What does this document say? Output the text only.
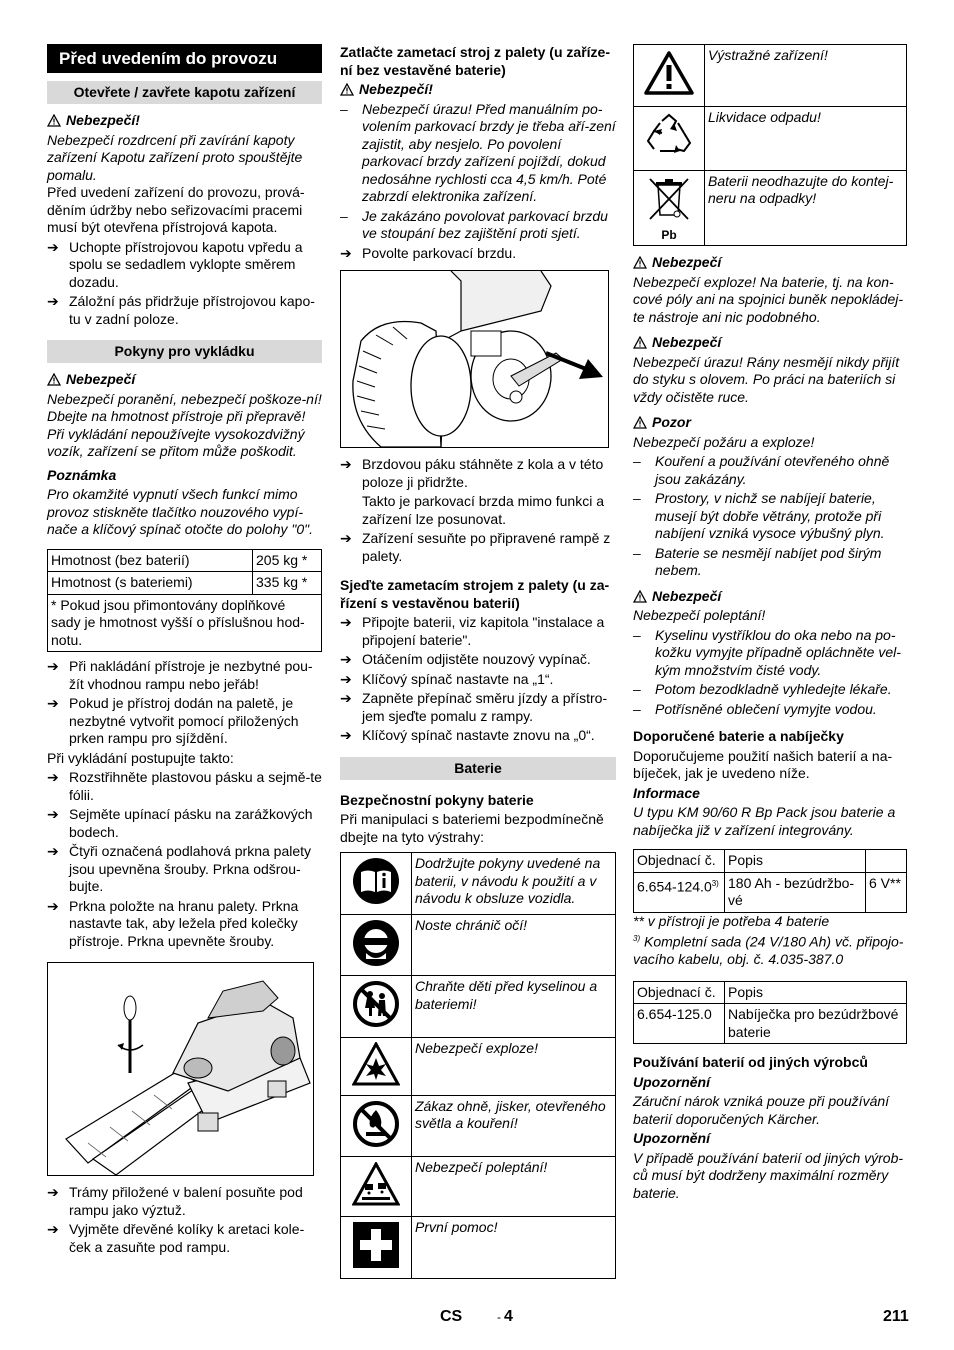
Před uvedením do provozu
Otevřete / zavřete kapotu zařízení
Nebezpečí!

Nebezpečí rozdrcení při zavírání kapoty zařízení Kapotu zařízení proto spouštějte pomalu.

Před uvedení zařízení do provozu, prová-děním údržby nebo seřizovacími pracemi musí být otevřena přístrojová kapota.

➔ Uchopte přístrojovou kapotu vpředu a spolu se sedadlem vyklopte směrem dozadu.
➔ Záložní pás přidržuje přístrojovou kapo-tu v zadní poloze.
Pokyny pro vykládku
Nebezpečí

Nebezpečí poranění, nebezpečí poškoze-ní!

Dbejte na hmotnost přístroje při přepravě! Při vykládání nepoužívejte vysokozdvižný vozík, zařízení se přitom může poškodit.

Poznámka

Pro okamžité vypnutí všech funkcí mimo provoz stiskněte tlačítko nouzového vypí-nače a klíčový spínač otočte do polohy "0".

Hmotnost (bez baterií)	205 kg *
Hmotnost (s bateriemi)	335 kg *
* Pokud jsou přimontovány doplňkové sady je hmotnost vyšší o příslušnou hod-notu.	
➔ Při nakládání přístroje je nezbytné pou-žít vhodnou rampu nebo jeřáb!
➔ Pokud je přístroj dodán na paletě, je nezbytné vytvořit pomocí přiložených prken rampu pro sjíždění.

Při vykládání postupujte takto:

➔ Rozstřihněte plastovou pásku a sejmě-te fólii.
➔ Sejměte upínací pásku na zarážkových bodech.
➔ Čtyři označená podlahová prkna palety jsou upevněna šrouby. Prkna odšrou-bujte.
➔ Prkna položte na hranu palety. Prkna nastavte tak, aby ležela před kolečky přístroje. Prkna upevněte šrouby.
➔ Trámy přiložené v balení posuňte pod rampu jako výztuž.
➔ Vyjměte dřevěné kolíky k aretaci kole-ček a zasuňte pod rampu.
Zatlačte zametací stroj z palety (u zaříze-ní bez vestavěné baterie)
Nebezpečí!
–	Nebezpečí úrazu! Před manuálním po-volením parkovací brzdy je třeba aří-zení zajistit, aby nesjelo. Po povolení parkovací brzdy zařízení pojíždí, dokud nedosáhne rychlosti cca 4,5 km/h. Poté zabrzdí elektronika zařízení.
–	Je zakázáno povolovat parkovací brzdu ve stoupání bez zajištění proti sjetí.
➔ Povolte parkovací brzdu.
➔ Brzdovou páku stáhněte z kola a v této poloze ji přidržte.

Takto je parkovací brzda mimo funkci a zařízení lze posunovat.

➔ Zařízení sesuňte po připravené rampě z palety.
Sjeďte zametacím strojem z palety (u za-řízení s vestavěnou baterií)
➔ Připojte baterii, viz kapitola "instalace a připojení baterie".
➔ Otáčením odjistěte nouzový vypínač.
➔ Klíčový spínač nastavte na „1“.
➔ Zapněte přepínač směru jízdy a přístro-jem sjeďte pomalu z rampy.
➔ Klíčový spínač nastavte znovu na „0“.
Baterie
Bezpečnostní pokyny baterie

Při manipulaci s bateriemi bezpodmínečně dbejte na tyto výstrahy:

	Dodržujte pokyny uvedené na baterii, v návodu k použití a v návodu k obsluze vozidla.
	Noste chránič očí!
	Chraňte děti před kyselinou a bateriemi!
	Nebezpečí exploze!
	Zákaz ohně, jisker, otevřeného světla a kouření!
	Nebezpečí poleptání!
	První pomoc!
	Výstražné zařízení!
	Likvidace odpadu!

Pb	Baterii neodhazujte do kontej-neru na odpadky!
Nebezpečí

Nebezpečí exploze! Na baterie, tj. na kon-cové póly ani na spojnici buněk nepokládej-te nástroje ani nic podobného.

Nebezpečí

Nebezpečí úrazu! Rány nesmějí nikdy přijít do styku s olovem. Po práci na bateriích si vždy očistěte ruce.

Pozor

Nebezpečí požáru a exploze!

–	Kouření a používání otevřeného ohně jsou zakázány.
–	Prostory, v nichž se nabíjejí baterie, musejí být dobře větrány, protože při nabíjení vzniká vysoce výbušný plyn.
–	Baterie se nesmějí nabíjet pod širým nebem.
Nebezpečí

Nebezpečí poleptání!

–	Kyselinu vystříklou do oka nebo na po-kožku vymyjte případně opláchněte vel-kým množstvím čisté vody.
–	Potom bezodkladně vyhledejte lékaře.
–	Potřísněné oblečení vymyjte vodou.
Doporučené baterie a nabíječky

Doporučujeme použití našich baterií a na-bíječek, jak je uvedeno níže.

Informace

U typu KM 90/60 R Bp Pack jsou baterie a nabíječka již v zařízení integrovány.

Objednací č.	Popis	
6.654-124.0$^{3)}$	180 Ah - bezúdržbo-vé	6 V**

** v přístroji je potřeba 4 baterie

$^{3)}$ Kompletní sada (24 V/180 Ah) vč. připojo-vacího kabelu, obj. č. 4.035-387.0

Objednací č.	Popis
6.654-125.0	Nabíječka pro bezúdržbové baterie
Používání baterií od jiných výrobců
Upozornění

Záruční nárok vzniká pouze při používání baterií doporučených Kärcher.

Upozornění

V případě používání baterií od jiných výrob-ců musí být dodrženy maximální rozměry baterie.

CS	- 4	211
